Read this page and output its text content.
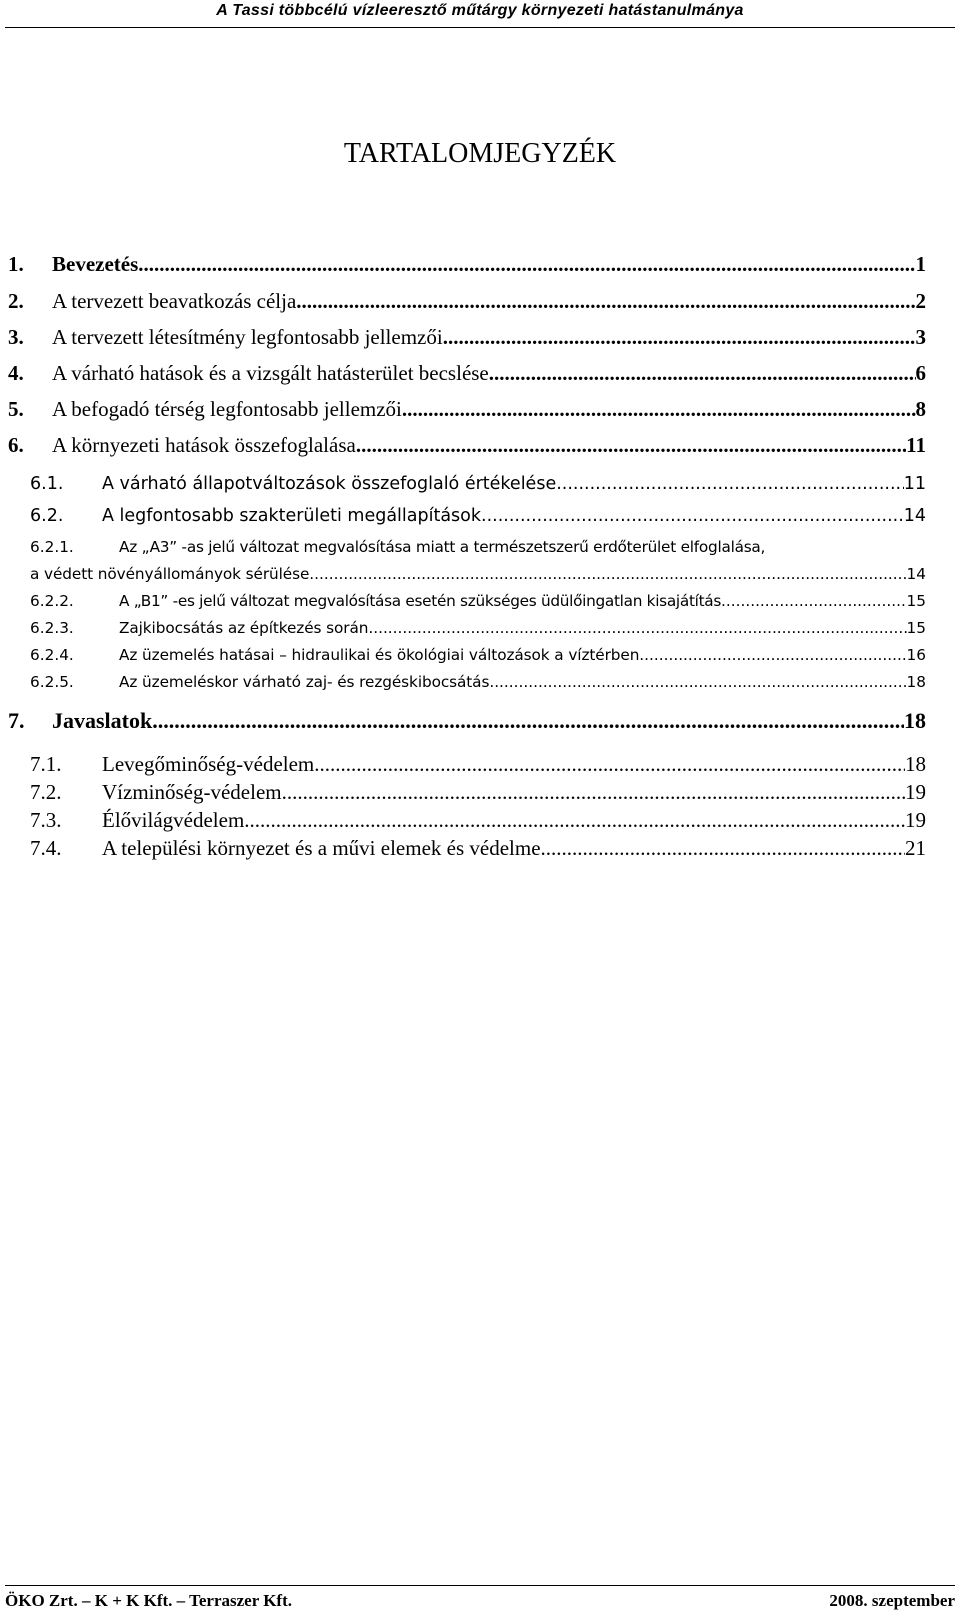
A Tassi többcélú vízleeresztő műtárgy környezeti hatástanulmánya
TARTALOMJEGYZÉK
1.	Bevezetés .....	1
2.	A tervezett beavatkozás célja .....	2
3.	A tervezett létesítmény legfontosabb jellemzői .....	3
4.	A várható hatások és a vizsgált hatásterület becslése .....	6
5.	A befogadó térség legfontosabb jellemzői .....	8
6.	A környezeti hatások összefoglalása .....	11
6.1.	A várható állapotváltozások összefoglaló értékelése .....	11
6.2.	A legfontosabb szakterületi megállapítások .....	14
6.2.1.	Az „A3” -as jelű változat megvalósítása miatt a természetszerű erdőterület elfoglalása,
a védett növényállományok sérülése .....	14
6.2.2.	A „B1” -es jelű változat megvalósítása esetén szükséges üdülőingatlan kisajátítás .....	15
6.2.3.	Zajkibocsátás az építkezés során .....	15
6.2.4.	Az üzemelés hatásai – hidraulikai és ökológiai változások a víztérben .....	16
6.2.5.	Az üzemeléskor várható zaj- és rezgéskibocsátás .....	18
7.	Javaslatok .....	18
7.1.	Levegőminőség-védelem .....	18
7.2.	Vízminőség-védelem .....	19
7.3.	Élővilágvédelem .....	19
7.4.	A települési környezet és a művi elemek és védelme .....	21
ÖKO Zrt. – K + K Kft. – Terraszer Kft.	2008. szeptember
